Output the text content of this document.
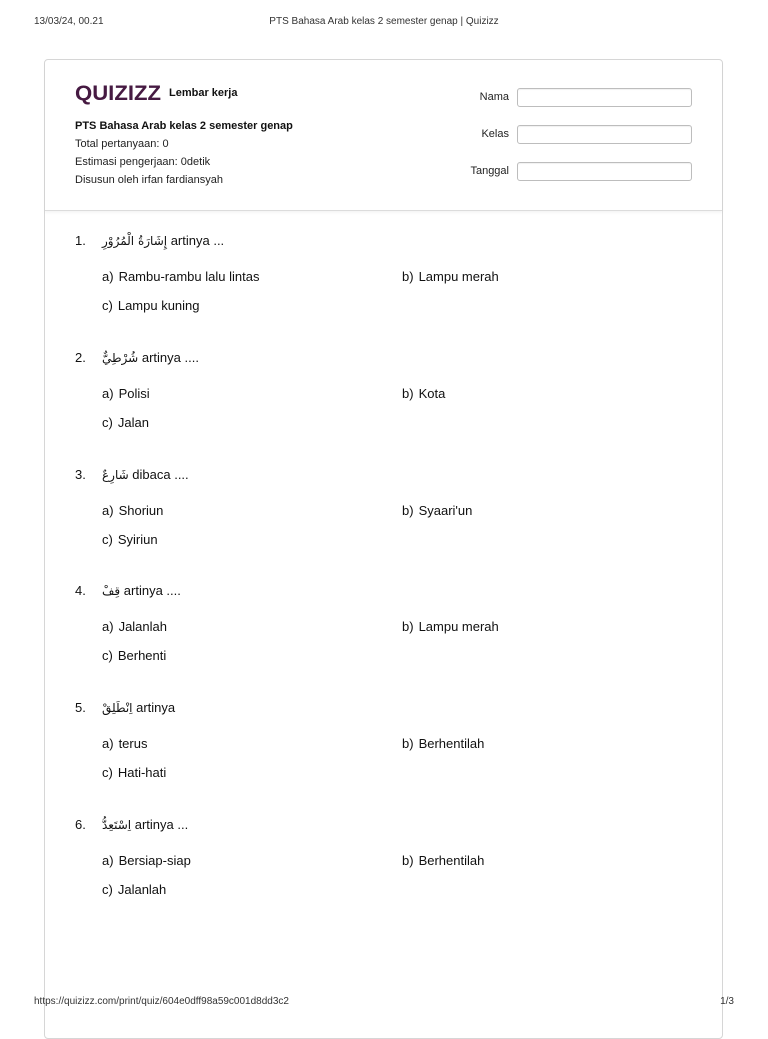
13/03/24, 00.21	PTS Bahasa Arab kelas 2 semester genap | Quizizz
QUIZIZZ Lembar kerja
PTS Bahasa Arab kelas 2 semester genap
Total pertanyaan: 0
Estimasi pengerjaan: 0detik
Disusun oleh irfan fardiansyah
Nama
Kelas
Tanggal
1. إِشَارَةُ الْمُرُوْرِ artinya ...
a) Rambu-rambu lalu lintas	b) Lampu merah
c) Lampu kuning
2. شُرْطِيٌّ artinya ....
a) Polisi	b) Kota
c) Jalan
3. شَارِعٌ dibaca ....
a) Shoriun	b) Syaari'un
c) Syiriun
4. قِفْ artinya ....
a) Jalanlah	b) Lampu merah
c) Berhenti
5. اِنْطَلِقْ artinya
a) terus	b) Berhentilah
c) Hati-hati
6. اِسْتَعِدُّ artinya ...
a) Bersiap-siap	b) Berhentilah
c) Jalanlah
https://quizizz.com/print/quiz/604e0dff98a59c001d8dd3c2	1/3
